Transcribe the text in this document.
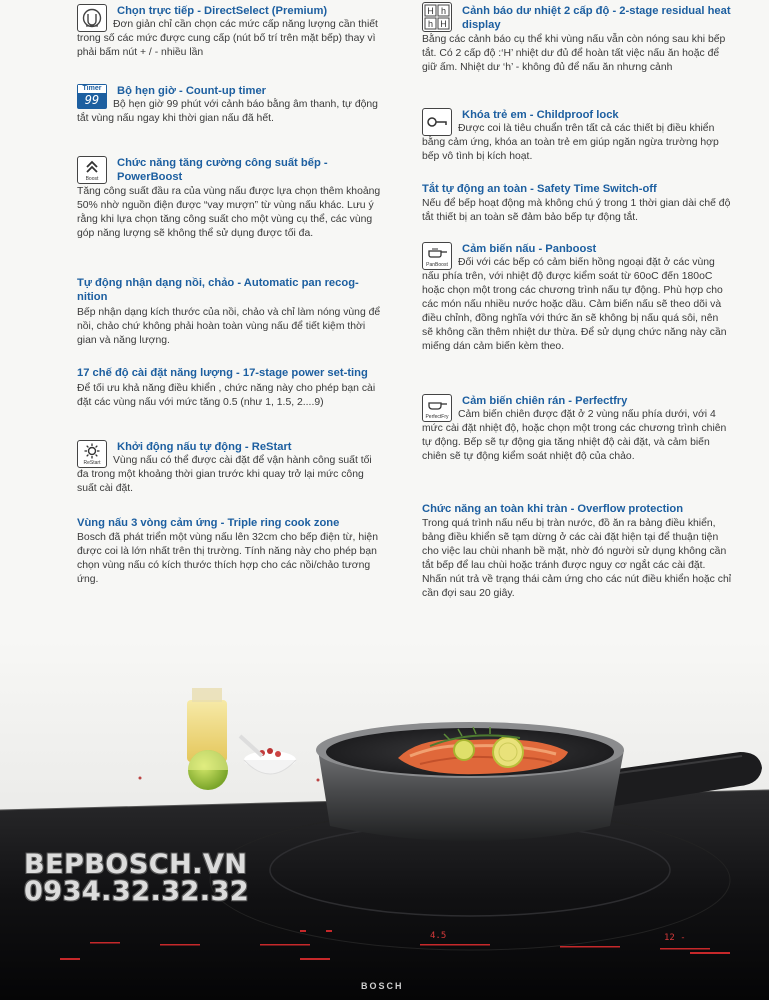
Chọn trực tiếp - DirectSelect (Premium)

Đơn giản chỉ cần chọn các mức cấp năng lượng cần thiết trong số các mức được cung cấp (nút bố trí trên mặt bếp) thay vì phải bấm nút + / - nhiều lần

Timer
99
Bộ hẹn giờ - Count-up timer

Bộ hẹn giờ 99 phút với cảnh báo bằng âm thanh, tự động tắt vùng nấu ngay khi thời gian nấu đã hết.

Boost
Chức năng tăng cường công suất bếp - PowerBoost

Tăng công suất đầu ra của vùng nấu được lựa chọn thêm khoảng 50% nhờ nguồn điện được “vay mượn” từ vùng nấu khác. Lưu ý rằng khi lựa chọn tăng công suất cho một vùng cụ thể, các vùng góp năng lượng sẽ không thể sử dụng được tối đa.

Tự động nhận dạng nồi, chảo - Automatic pan recog-nition

Bếp nhận dạng kích thước của nồi, chảo và chỉ làm nóng vùng để nồi, chảo chứ không phải hoàn toàn vùng nấu để tiết kiệm thời gian và năng lượng.

17 chế độ cài đặt năng lượng - 17-stage power set-ting

Để tối ưu khả năng điều khiển , chức năng này cho phép bạn cài đặt các vùng nấu với mức tăng 0.5 (như 1, 1.5, 2....9)

ReStart
Khởi động nấu tự động - ReStart

Vùng nấu có thể được cài đặt để vận hành công suất tối đa trong một khoảng thời gian trước khi quay trở lại mức công suất cài đặt.

Vùng nấu 3 vòng cảm ứng - Triple ring cook zone

Bosch đã phát triển một vùng nấu lên 32cm cho bếp điện từ, hiện được coi là lớn nhất trên thị trường. Tính năng này cho phép bạn chọn vùng nấu có kích thước thích hợp cho các nồi/chảo tương ứng.

H h
h H
Cảnh báo dư nhiệt 2 cấp độ - 2-stage residual heat display

Bằng các cảnh báo cụ thể khi vùng nấu vẫn còn nóng sau khi bếp tắt. Có 2 cấp độ :‘H’ nhiệt dư đủ để hoàn tất việc nấu ăn hoặc để giữ ấm. Nhiệt dư ‘h’ - không đủ để nấu ăn nhưng cảnh

Khóa trẻ em - Childproof lock

Được coi là tiêu chuẩn trên tất cả các thiết bị điều khiển bằng cảm ứng, khóa an toàn trẻ em giúp ngăn ngừa trường hợp bếp vô tình bị kích hoạt.

Tắt tự động an toàn - Safety Time Switch-off

Nếu để bếp hoạt động mà không chú ý trong 1 thời gian dài chế độ tắt thiết bị an toàn sẽ đảm bảo bếp tự động tắt.

PanBoost
Cảm biến nấu - Panboost

Đối với các bếp có cảm biến hồng ngoại đặt ở các vùng nấu phía trên, với nhiệt độ được kiểm soát từ 60oC đến 180oC hoặc chọn một trong các chương trình nấu tự động. Phù hợp cho các món nấu nhiều nước hoặc dầu. Cảm biến nấu sẽ theo dõi và điều chỉnh, đồng nghĩa với thức ăn sẽ không bị nấu quá sôi, nên sẽ không cần thêm nhiệt dư thừa. Để sử dụng chức năng này cần miếng dán cảm biến kèm theo.

PerfectFry
Cảm biến chiên rán - Perfectfry

Cảm biến chiên được đặt ở 2 vùng nấu phía dưới, với 4 mức cài đặt nhiệt độ, hoặc chọn một trong các chương trình chiên tự động. Bếp sẽ tự động gia tăng nhiệt độ cài đặt, và cảm biến chiên sẽ tự động kiểm soát nhiệt độ của chảo.

Chức năng an toàn khi tràn - Overflow protection

Trong quá trình nấu nếu bị tràn nước, đồ ăn ra bảng điều khiển, bảng điều khiển sẽ tạm dừng ở các cài đặt hiện tại để thuận tiện cho việc lau chùi nhanh bề mặt, nhờ đó người sử dụng không cần tắt bếp để lau chùi hoặc tránh được nguy cơ ngắt các cài đặt. Nhấn nút trả về trạng thái cảm ứng cho các nút điều khiển hoặc chỉ cần đợi sau 20 giây.

4.5	12 -
BEPBOSCH.VN
0934.32.32.32
BOSCH
